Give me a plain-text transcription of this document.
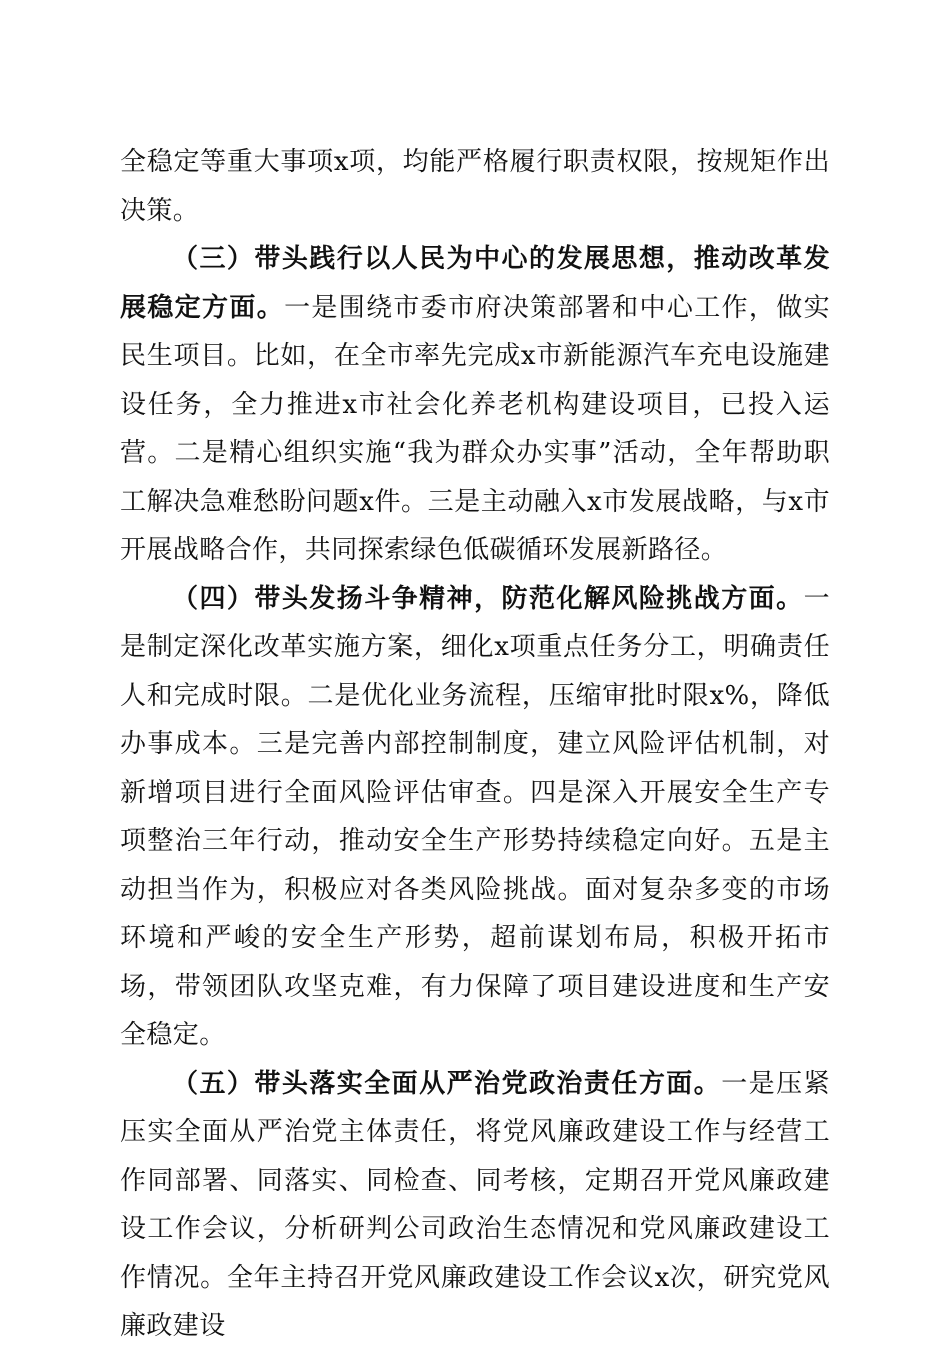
全稳定等重大事项x项，均能严格履行职责权限，按规矩作出决策。

（三）带头践行以人民为中心的发展思想，推动改革发展稳定方面。一是围绕市委市府决策部署和中心工作，做实民生项目。比如，在全市率先完成x市新能源汽车充电设施建设任务，全力推进x市社会化养老机构建设项目，已投入运营。二是精心组织实施“我为群众办实事”活动，全年帮助职工解决急难愁盼问题x件。三是主动融入x市发展战略，与x市开展战略合作，共同探索绿色低碳循环发展新路径。

（四）带头发扬斗争精神，防范化解风险挑战方面。一是制定深化改革实施方案，细化x项重点任务分工，明确责任人和完成时限。二是优化业务流程，压缩审批时限x%，降低办事成本。三是完善内部控制制度，建立风险评估机制，对新增项目进行全面风险评估审查。四是深入开展安全生产专项整治三年行动，推动安全生产形势持续稳定向好。五是主动担当作为，积极应对各类风险挑战。面对复杂多变的市场环境和严峻的安全生产形势，超前谋划布局，积极开拓市场，带领团队攻坚克难，有力保障了项目建设进度和生产安全稳定。

（五）带头落实全面从严治党政治责任方面。一是压紧压实全面从严治党主体责任，将党风廉政建设工作与经营工作同部署、同落实、同检查、同考核，定期召开党风廉政建设工作会议，分析研判公司政治生态情况和党风廉政建设工作情况。全年主持召开党风廉政建设工作会议x次，研究党风廉政建设
